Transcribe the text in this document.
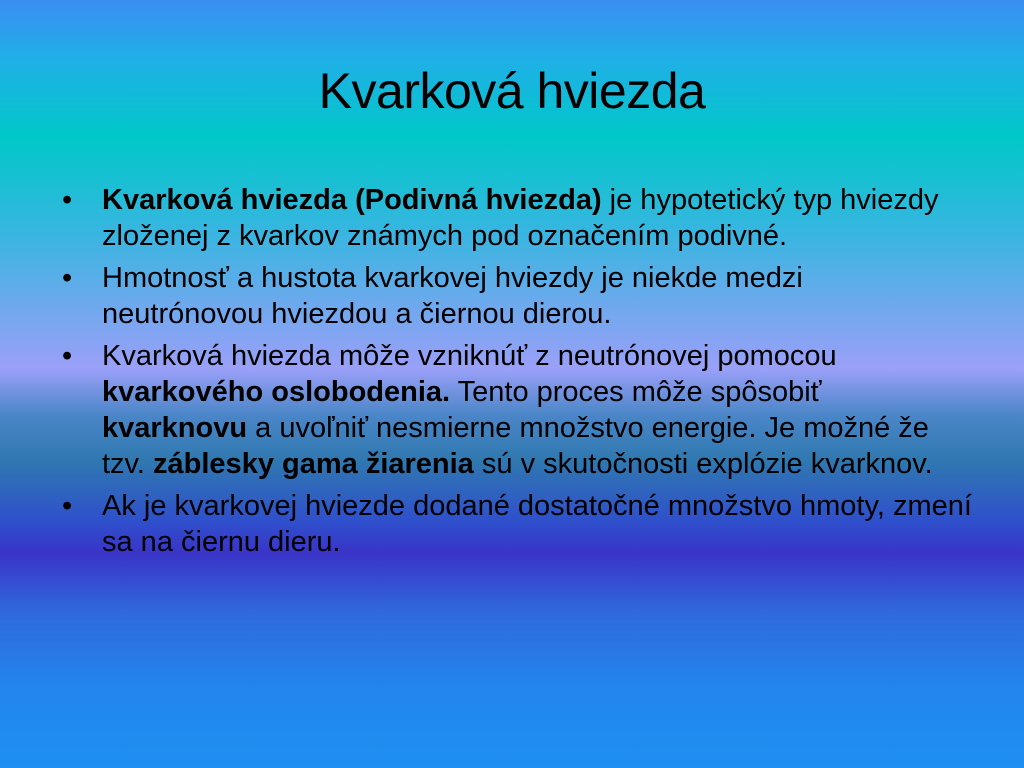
Kvarková hviezda
•	Kvarková hviezda (Podivná hviezda) je hypotetický typ hviezdy zloženej z kvarkov známych pod označením podivné.
•	Hmotnosť a hustota kvarkovej hviezdy je niekde medzi neutrónovou hviezdou a čiernou dierou.
•	Kvarková hviezda môže vzniknúť z neutrónovej pomocou kvarkového oslobodenia. Tento proces môže spôsobiť kvarknovu a uvoľniť nesmierne množstvo energie. Je možné že tzv. záblesky gama žiarenia sú v skutočnosti explózie kvarknov.
•	Ak je kvarkovej hviezde dodané dostatočné množstvo hmoty, zmení sa na čiernu dieru.
